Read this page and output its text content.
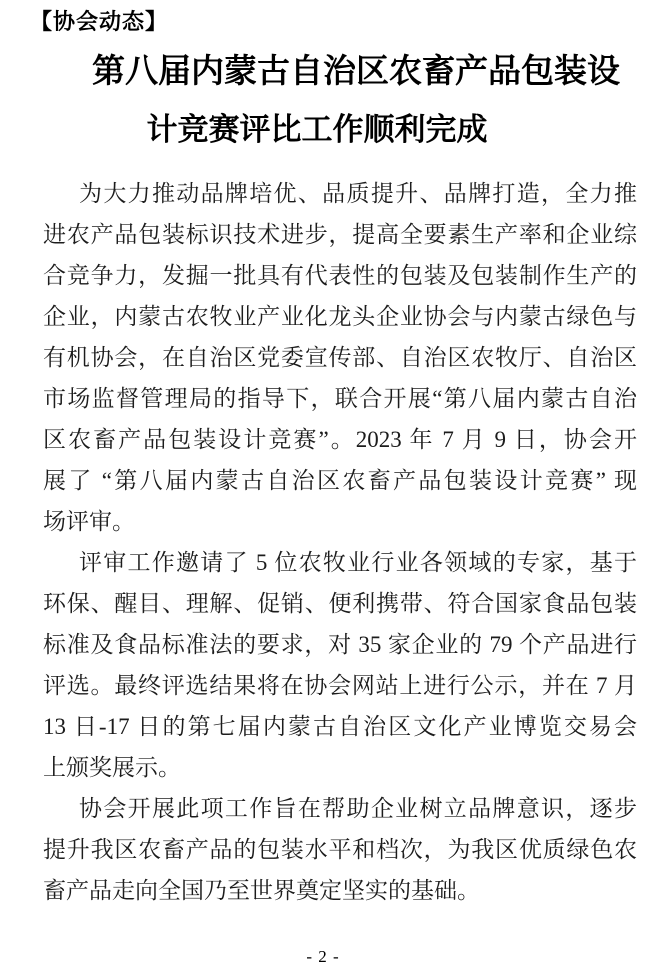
【协会动态】
第八届内蒙古自治区农畜产品包装设
计竞赛评比工作顺利完成
为大力推动品牌培优、品质提升、品牌打造，全力推
进农产品包装标识技术进步，提高全要素生产率和企业综
合竞争力，发掘一批具有代表性的包装及包装制作生产的
企业，内蒙古农牧业产业化龙头企业协会与内蒙古绿色与
有机协会，在自治区党委宣传部、自治区农牧厅、自治区
市场监督管理局的指导下，联合开展“第八届内蒙古自治
区农畜产品包装设计竞赛”。2023 年 7 月 9 日，协会开
展了 “第八届内蒙古自治区农畜产品包装设计竞赛” 现
场评审。
评审工作邀请了 5 位农牧业行业各领域的专家，基于
环保、醒目、理解、促销、便利携带、符合国家食品包装
标准及食品标准法的要求，对 35 家企业的 79 个产品进行
评选。最终评选结果将在协会网站上进行公示，并在 7 月
13 日-17 日的第七届内蒙古自治区文化产业博览交易会
上颁奖展示。
协会开展此项工作旨在帮助企业树立品牌意识，逐步
提升我区农畜产品的包装水平和档次，为我区优质绿色农
畜产品走向全国乃至世界奠定坚实的基础。
- 2 -
